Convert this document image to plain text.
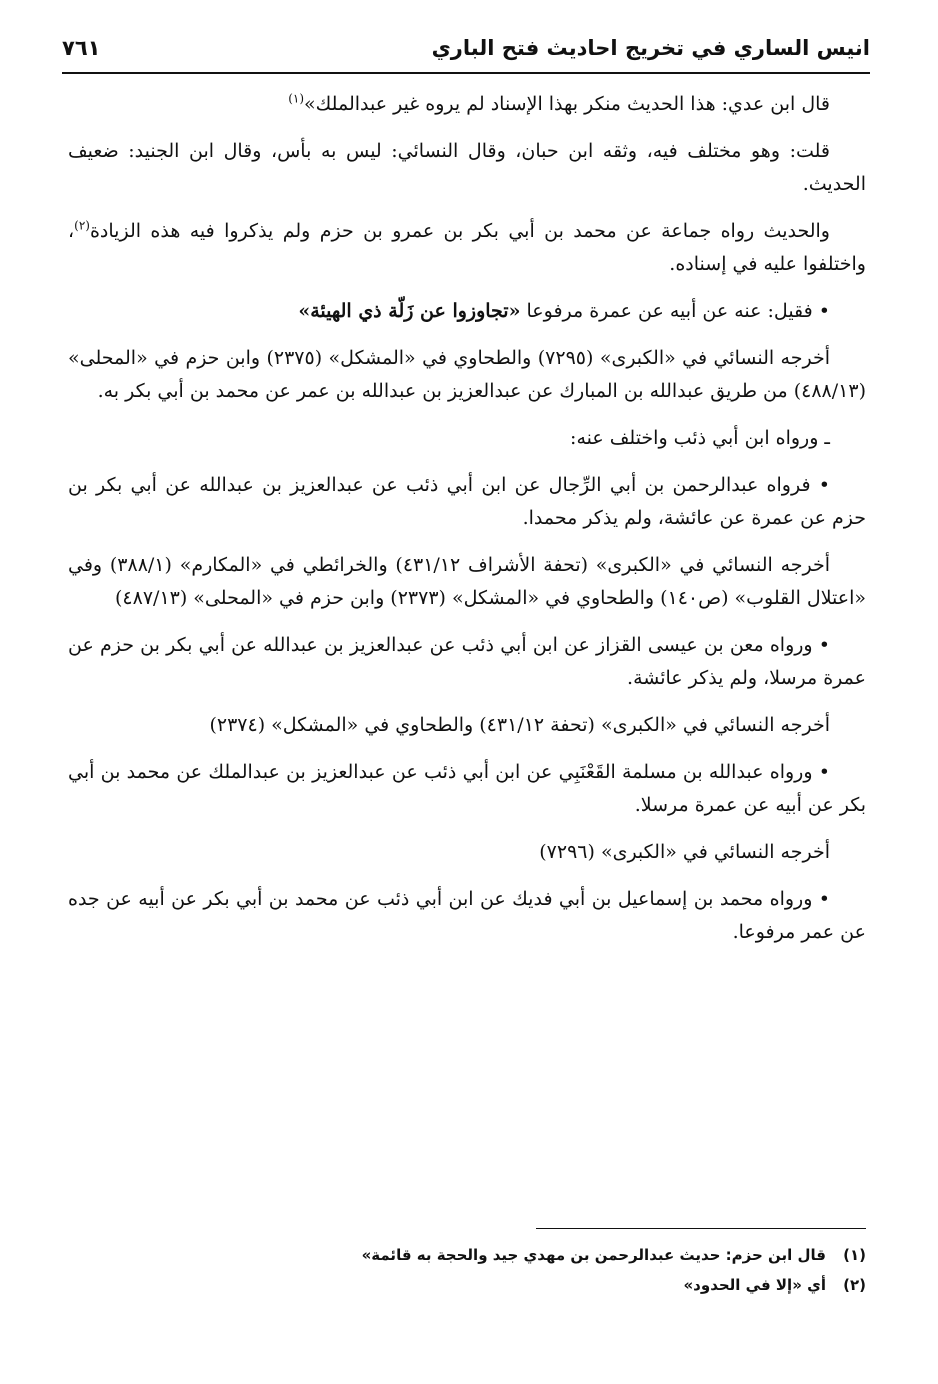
انيس الساري في تخريج احاديث فتح الباري
٧٦١

قال ابن عدي: هذا الحديث منكر بهذا الإسناد لم يروه غير عبدالملك»$^{(١)}$

قلت: وهو مختلف فيه، وثقه ابن حبان، وقال النسائي: ليس به بأس، وقال ابن الجنيد: ضعيف الحديث.

والحديث رواه جماعة عن محمد بن أبي بكر بن عمرو بن حزم ولم يذكروا فيه هذه الزيادة$^{(٢)}$، واختلفوا عليه في إسناده.

• فقيل: عنه عن أبيه عن عمرة مرفوعا «تجاوزوا عن زَلّة ذي الهيئة»

أخرجه النسائي في «الكبرى» (٧٢٩٥) والطحاوي في «المشكل» (٢٣٧٥) وابن حزم في «المحلى» (٤٨٨/١٣) من طريق عبدالله بن المبارك عن عبدالعزيز بن عبدالله بن عمر عن محمد بن أبي بكر به.

ـ ورواه ابن أبي ذئب واختلف عنه:

• فرواه عبدالرحمن بن أبي الرِّجال عن ابن أبي ذئب عن عبدالعزيز بن عبدالله عن أبي بكر بن حزم عن عمرة عن عائشة، ولم يذكر محمدا.

أخرجه النسائي في «الكبرى» (تحفة الأشراف ٤٣١/١٢) والخرائطي في «المكارم» (٣٨٨/١) وفي «اعتلال القلوب» (ص١٤٠) والطحاوي في «المشكل» (٢٣٧٣) وابن حزم في «المحلى» (٤٨٧/١٣)

• ورواه معن بن عيسى القزاز عن ابن أبي ذئب عن عبدالعزيز بن عبدالله عن أبي بكر بن حزم عن عمرة مرسلا، ولم يذكر عائشة.

أخرجه النسائي في «الكبرى» (تحفة ٤٣١/١٢) والطحاوي في «المشكل» (٢٣٧٤)

• ورواه عبدالله بن مسلمة القَعْنَبِي عن ابن أبي ذئب عن عبدالعزيز بن عبدالملك عن محمد بن أبي بكر عن أبيه عن عمرة مرسلا.

أخرجه النسائي في «الكبرى» (٧٢٩٦)

• ورواه محمد بن إسماعيل بن أبي فديك عن ابن أبي ذئب عن محمد بن أبي بكر عن أبيه عن جده عن عمر مرفوعا.

(١)قال ابن حزم: حديث عبدالرحمن بن مهدي جيد والحجة به قائمة»
(٢)أي «إلا في الحدود»
